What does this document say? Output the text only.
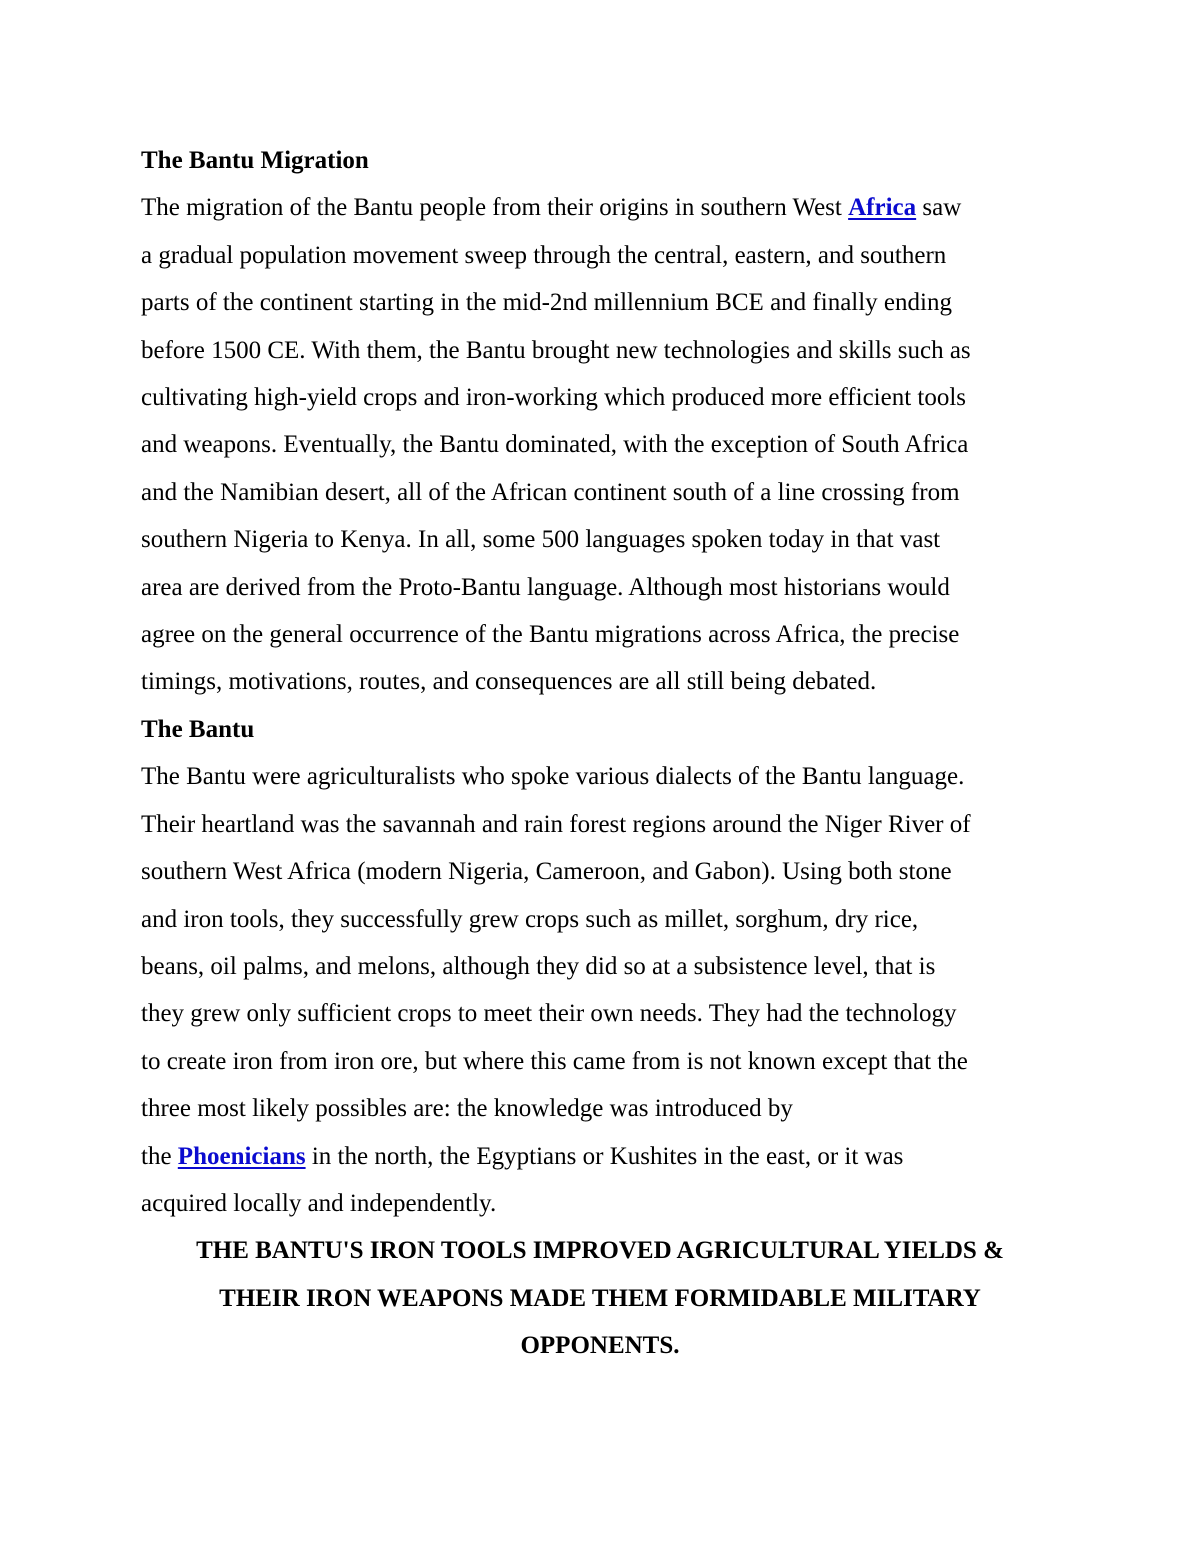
The Bantu Migration
The migration of the Bantu people from their origins in southern West Africa saw
a gradual population movement sweep through the central, eastern, and southern
parts of the continent starting in the mid-2nd millennium BCE and finally ending
before 1500 CE. With them, the Bantu brought new technologies and skills such as
cultivating high-yield crops and iron-working which produced more efficient tools
and weapons. Eventually, the Bantu dominated, with the exception of South Africa
and the Namibian desert, all of the African continent south of a line crossing from
southern Nigeria to Kenya. In all, some 500 languages spoken today in that vast
area are derived from the Proto-Bantu language. Although most historians would
agree on the general occurrence of the Bantu migrations across Africa, the precise
timings, motivations, routes, and consequences are all still being debated.
The Bantu
The Bantu were agriculturalists who spoke various dialects of the Bantu language.
Their heartland was the savannah and rain forest regions around the Niger River of
southern West Africa (modern Nigeria, Cameroon, and Gabon). Using both stone
and iron tools, they successfully grew crops such as millet, sorghum, dry rice,
beans, oil palms, and melons, although they did so at a subsistence level, that is
they grew only sufficient crops to meet their own needs. They had the technology
to create iron from iron ore, but where this came from is not known except that the
three most likely possibles are: the knowledge was introduced by
the Phoenicians in the north, the Egyptians or Kushites in the east, or it was
acquired locally and independently.
THE BANTU'S IRON TOOLS IMPROVED AGRICULTURAL YIELDS &
THEIR IRON WEAPONS MADE THEM FORMIDABLE MILITARY
OPPONENTS.
